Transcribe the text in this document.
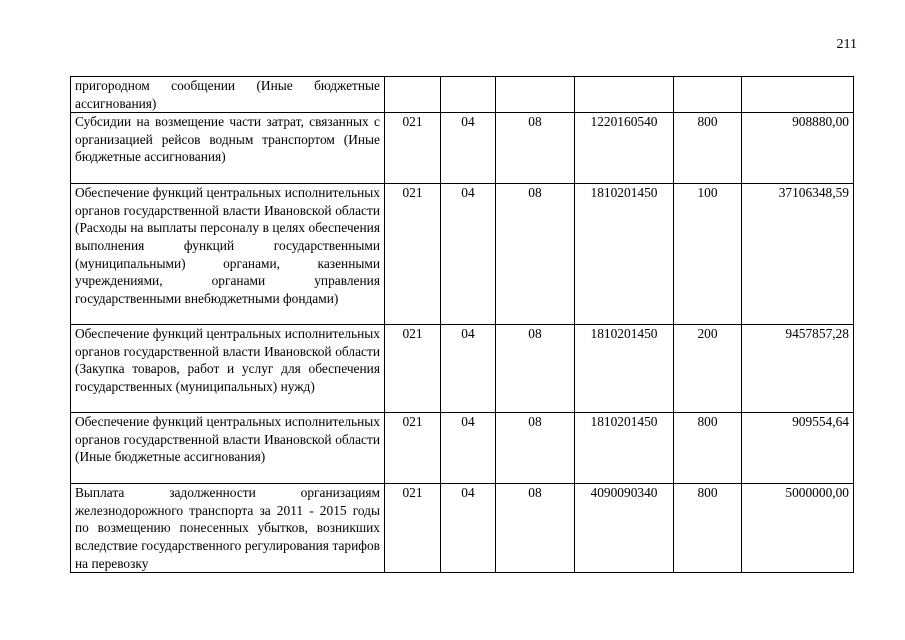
211
пригородном сообщении (Иные бюджетные ассигнования)						
Субсидии на возмещение части затрат, связанных с организацией рейсов водным транспортом (Иные бюджетные ассигнования)	021	04	08	1220160540	800	908880,00
Обеспечение функций центральных исполнительных органов государственной власти Ивановской области (Расходы на выплаты персоналу в целях обеспечения выполнения функций государственными (муниципальными) органами, казенными учреждениями, органами управления государственными внебюджетными фондами)	021	04	08	1810201450	100	37106348,59
Обеспечение функций центральных исполнительных органов государственной власти Ивановской области (Закупка товаров, работ и услуг для обеспечения государственных (муниципальных) нужд)	021	04	08	1810201450	200	9457857,28
Обеспечение функций центральных исполнительных органов государственной власти Ивановской области (Иные бюджетные ассигнования)	021	04	08	1810201450	800	909554,64
Выплата задолженности организациям железнодорожного транспорта за 2011 - 2015 годы по возмещению понесенных убытков, возникших вследствие государственного регулирования тарифов на перевозку	021	04	08	4090090340	800	5000000,00
